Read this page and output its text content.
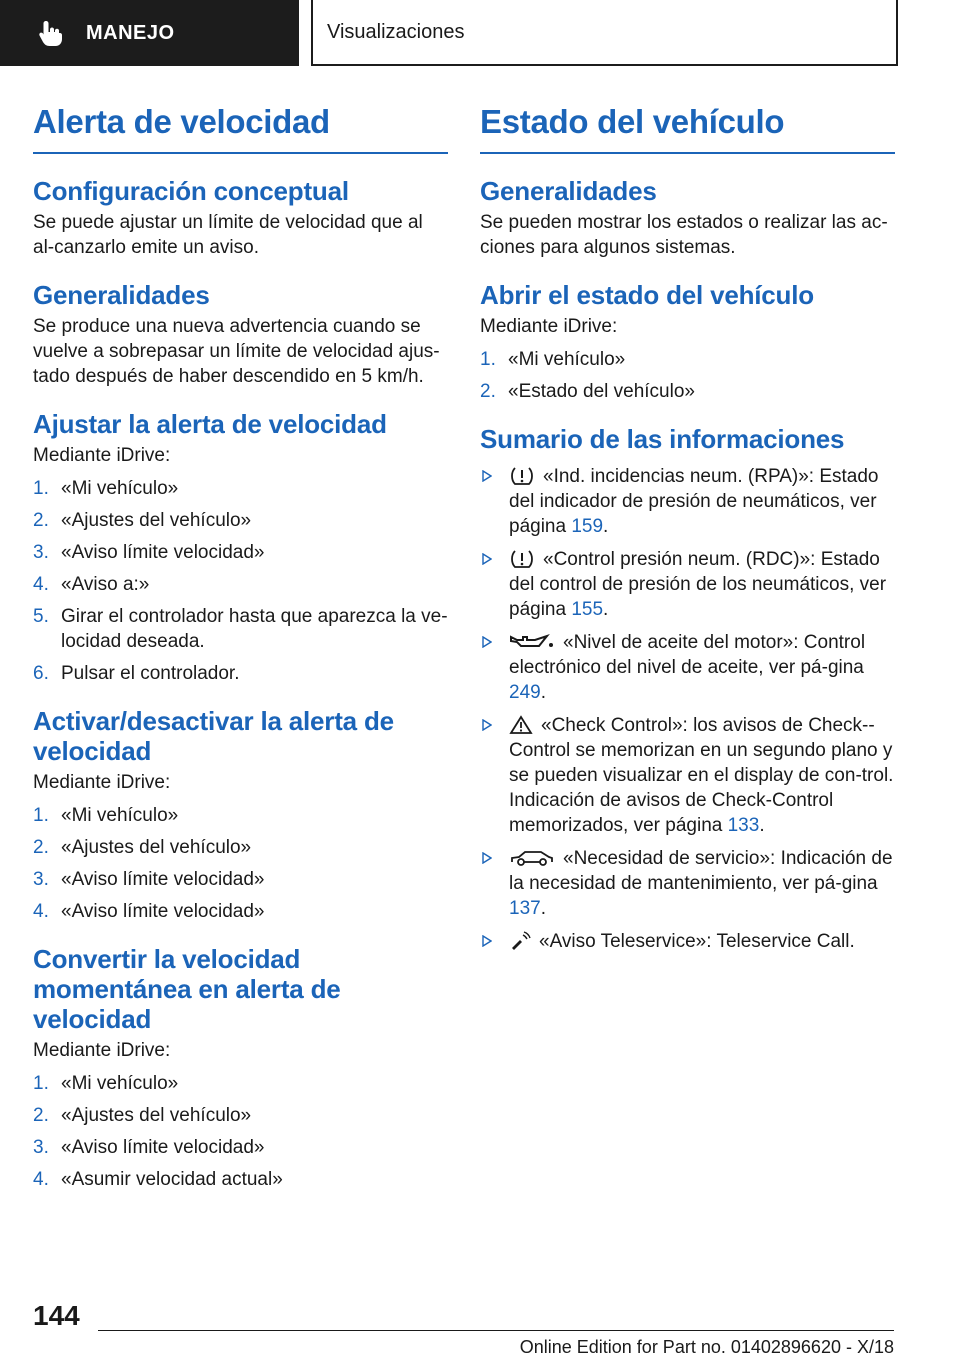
MANEJO	Visualizaciones
Alerta de velocidad
Configuración conceptual

Se puede ajustar un límite de velocidad que al al-canzarlo emite un aviso.

Generalidades

Se produce una nueva advertencia cuando se vuelve a sobrepasar un límite de velocidad ajus-tado después de haber descendido en 5 km/h.

Ajustar la alerta de velocidad

Mediante iDrive:

1. «Mi vehículo»
2. «Ajustes del vehículo»
3. «Aviso límite velocidad»
4. «Aviso a:»
5. Girar el controlador hasta que aparezca la ve-locidad deseada.
6. Pulsar el controlador.
Activar/desactivar la alerta de velocidad

Mediante iDrive:

1. «Mi vehículo»
2. «Ajustes del vehículo»
3. «Aviso límite velocidad»
4. «Aviso límite velocidad»
Convertir la velocidad momentánea en alerta de velocidad

Mediante iDrive:

1. «Mi vehículo»
2. «Ajustes del vehículo»
3. «Aviso límite velocidad»
4. «Asumir velocidad actual»
Estado del vehículo
Generalidades

Se pueden mostrar los estados o realizar las ac-ciones para algunos sistemas.

Abrir el estado del vehículo

Mediante iDrive:

1. «Mi vehículo»
2. «Estado del vehículo»
Sumario de las informaciones
«Ind. incidencias neum. (RPA)»: Estado del indicador de presión de neumáticos, ver página 159.
«Control presión neum. (RDC)»: Estado del control de presión de los neumáticos, ver página 155.
«Nivel de aceite del motor»: Control electrónico del nivel de aceite, ver pá-gina 249.
«Check Control»: los avisos de Check--Control se memorizan en un segundo plano y se pueden visualizar en el display de con-trol. Indicación de avisos de Check-Control memorizados, ver página 133.
«Necesidad de servicio»: Indicación de la necesidad de mantenimiento, ver pá-gina 137.
«Aviso Teleservice»: Teleservice Call.
144
Online Edition for Part no. 01402896620 - X/18
